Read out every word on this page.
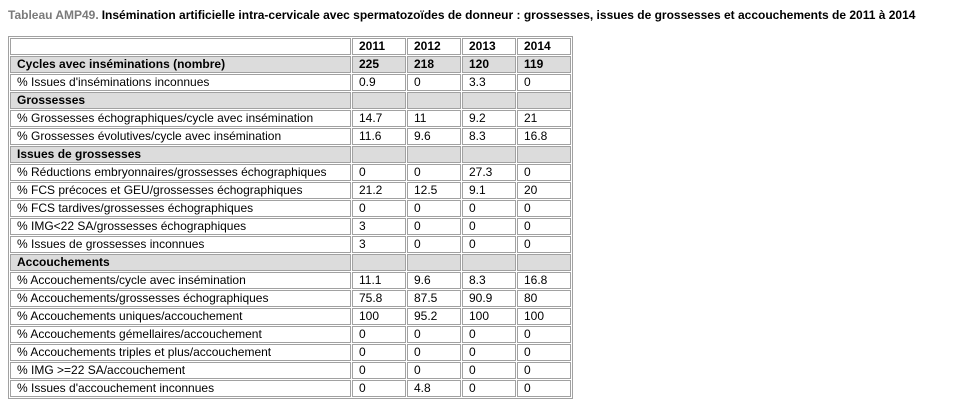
Tableau AMP49. Insémination artificielle intra-cervicale avec spermatozoïdes de donneur : grossesses, issues de grossesses et accouchements de 2011 à 2014
	2011	2012	2013	2014
Cycles avec inséminations (nombre)	225	218	120	119
% Issues d'inséminations inconnues	0.9	0	3.3	0
Grossesses				
% Grossesses échographiques/cycle avec insémination	14.7	11	9.2	21
% Grossesses évolutives/cycle avec insémination	11.6	9.6	8.3	16.8
Issues de grossesses				
% Réductions embryonnaires/grossesses échographiques	0	0	27.3	0
% FCS précoces et GEU/grossesses échographiques	21.2	12.5	9.1	20
% FCS tardives/grossesses échographiques	0	0	0	0
% IMG<22 SA/grossesses échographiques	3	0	0	0
% Issues de grossesses inconnues	3	0	0	0
Accouchements				
% Accouchements/cycle avec insémination	11.1	9.6	8.3	16.8
% Accouchements/grossesses échographiques	75.8	87.5	90.9	80
% Accouchements uniques/accouchement	100	95.2	100	100
% Accouchements gémellaires/accouchement	0	0	0	0
% Accouchements triples et plus/accouchement	0	0	0	0
% IMG >=22 SA/accouchement	0	0	0	0
% Issues d'accouchement inconnues	0	4.8	0	0
